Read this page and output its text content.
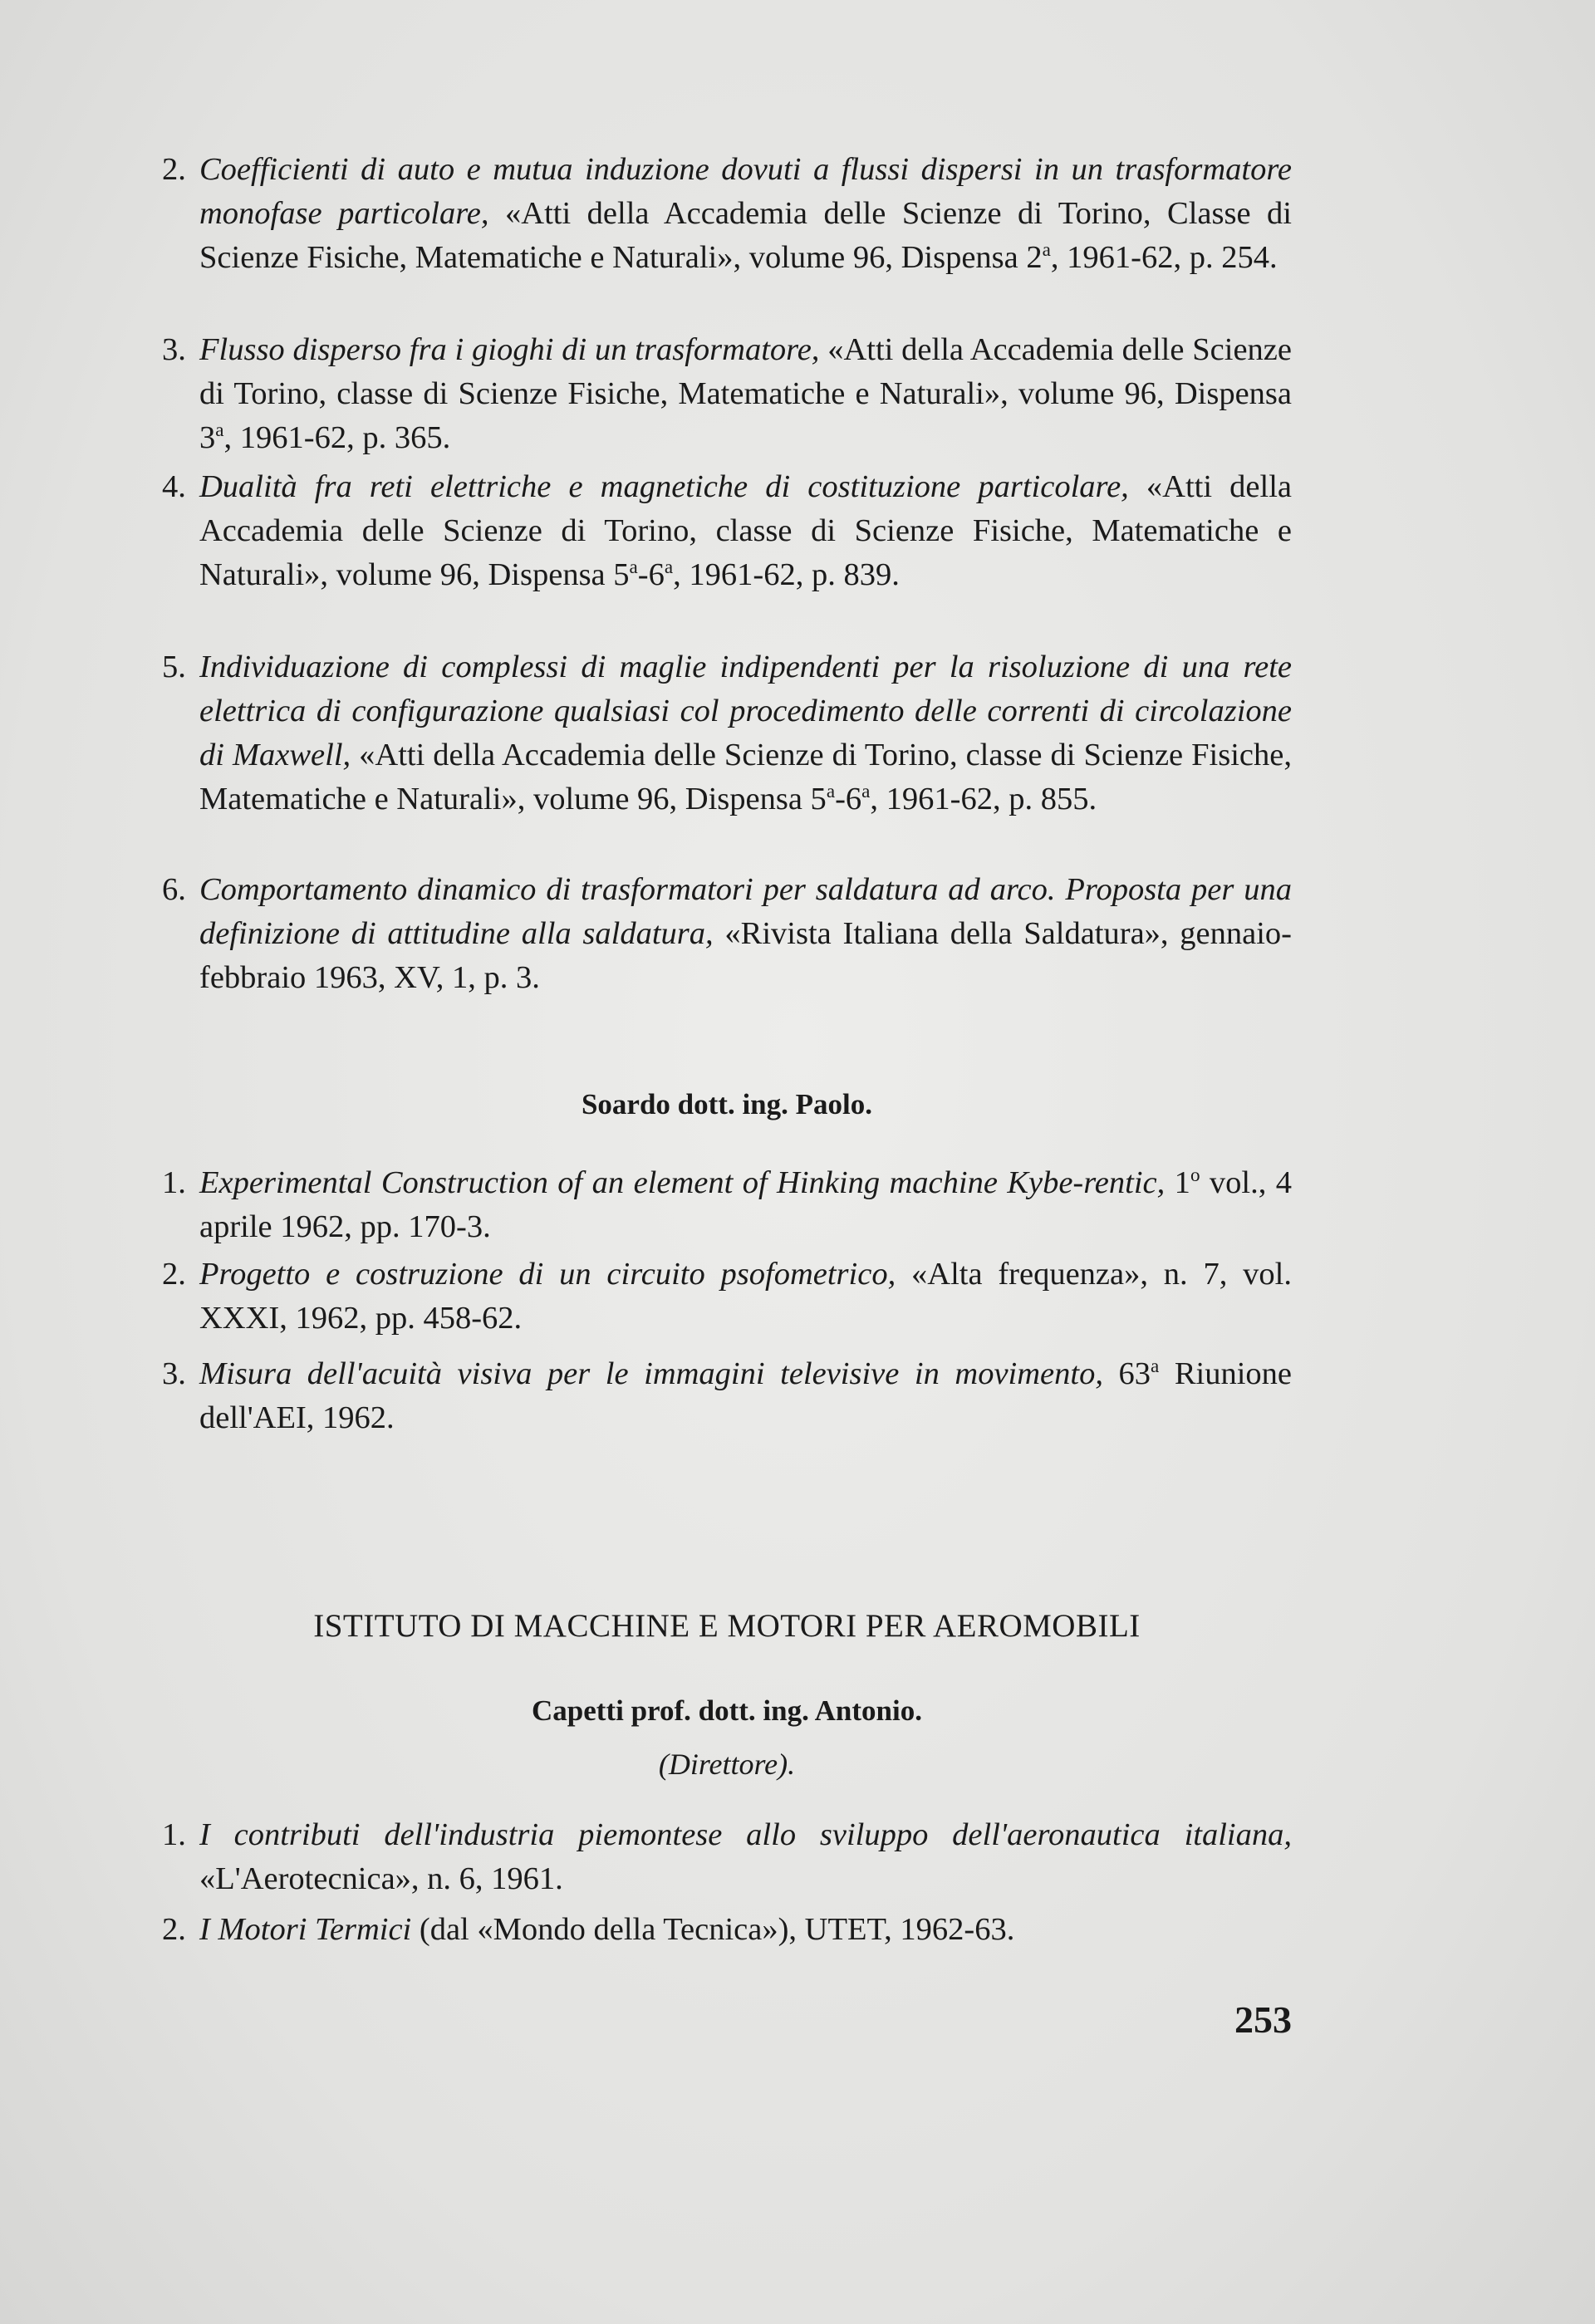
2. Coefficienti di auto e mutua induzione dovuti a flussi dispersi in un trasformatore monofase particolare, «Atti della Accademia delle Scienze di Torino, Classe di Scienze Fisiche, Matematiche e Naturali», volume 96, Dispensa 2$^a$, 1961-62, p. 254.
3. Flusso disperso fra i gioghi di un trasformatore, «Atti della Accademia delle Scienze di Torino, classe di Scienze Fisiche, Matematiche e Naturali», volume 96, Dispensa 3$^a$, 1961-62, p. 365.
4. Dualità fra reti elettriche e magnetiche di costituzione particolare, «Atti della Accademia delle Scienze di Torino, classe di Scienze Fisiche, Matematiche e Naturali», volume 96, Dispensa 5$^a$-6$^a$, 1961-62, p. 839.
5. Individuazione di complessi di maglie indipendenti per la risoluzione di una rete elettrica di configurazione qualsiasi col procedimento delle correnti di circolazione di Maxwell, «Atti della Accademia delle Scienze di Torino, classe di Scienze Fisiche, Matematiche e Naturali», volume 96, Dispensa 5$^a$-6$^a$, 1961-62, p. 855.
6. Comportamento dinamico di trasformatori per saldatura ad arco. Proposta per una definizione di attitudine alla saldatura, «Rivista Italiana della Saldatura», gennaio-febbraio 1963, XV, 1, p. 3.
Soardo dott. ing. Paolo.
1. Experimental Construction of an element of Hinking machine Kybe-rentic, 1$^o$ vol., 4 aprile 1962, pp. 170-3.
2. Progetto e costruzione di un circuito psofometrico, «Alta frequenza», n. 7, vol. XXXI, 1962, pp. 458-62.
3. Misura dell'acuità visiva per le immagini televisive in movimento, 63$^a$ Riunione dell'AEI, 1962.
ISTITUTO DI MACCHINE E MOTORI PER AEROMOBILI
Capetti prof. dott. ing. Antonio.
(Direttore).
1. I contributi dell'industria piemontese allo sviluppo dell'aeronautica italiana, «L'Aerotecnica», n. 6, 1961.
2. I Motori Termici (dal «Mondo della Tecnica»), UTET, 1962-63.
253
